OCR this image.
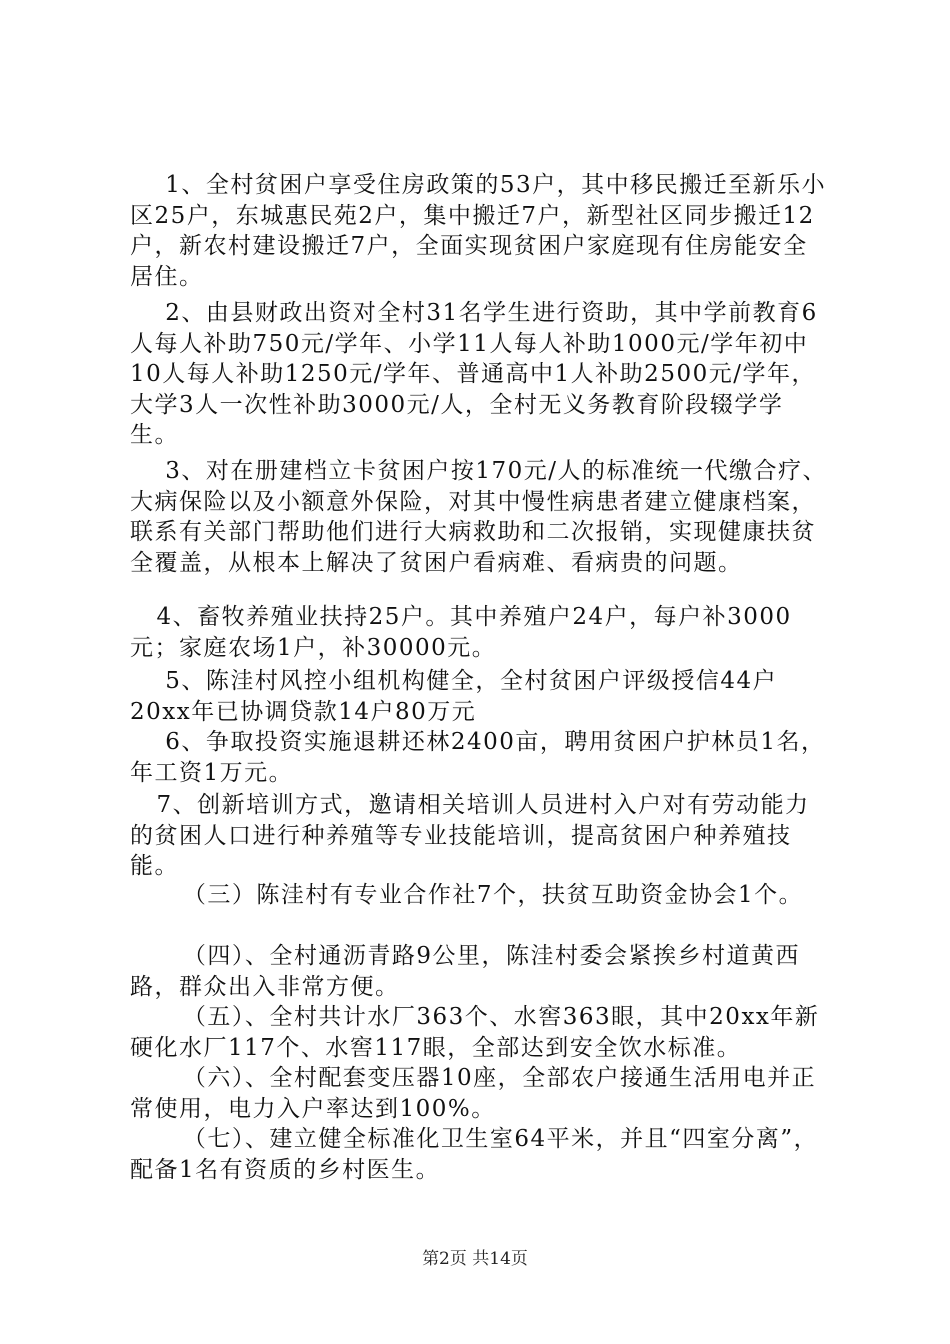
1、全村贫困户享受住房政策的53户，其中移民搬迁至新乐小区25户，东城惠民苑2户，集中搬迁7户，新型社区同步搬迁12户，新农村建设搬迁7户，全面实现贫困户家庭现有住房能安全居住。

2、由县财政出资对全村31名学生进行资助，其中学前教育6人每人补助750元/学年、小学11人每人补助1000元/学年初中10人每人补助1250元/学年、普通高中1人补助2500元/学年，大学3人一次性补助3000元/人，全村无义务教育阶段辍学学生。

3、对在册建档立卡贫困户按170元/人的标准统一代缴合疗、大病保险以及小额意外保险，对其中慢性病患者建立健康档案，联系有关部门帮助他们进行大病救助和二次报销，实现健康扶贫全覆盖，从根本上解决了贫困户看病难、看病贵的问题。

4、畜牧养殖业扶持25户。其中养殖户24户，每户补3000元；家庭农场1户，补30000元。

5、陈洼村风控小组机构健全，全村贫困户评级授信44户20xx年已协调贷款14户80万元

6、争取投资实施退耕还林2400亩，聘用贫困户护林员1名，年工资1万元。

7、创新培训方式，邀请相关培训人员进村入户对有劳动能力的贫困人口进行种养殖等专业技能培训，提高贫困户种养殖技能。

（三）陈洼村有专业合作社7个，扶贫互助资金协会1个。

（四）、全村通沥青路9公里，陈洼村委会紧挨乡村道黄西路，群众出入非常方便。

（五）、全村共计水厂363个、水窖363眼，其中20xx年新硬化水厂117个、水窖117眼，全部达到安全饮水标准。

（六）、全村配套变压器10座，全部农户接通生活用电并正常使用，电力入户率达到100%。

（七）、建立健全标准化卫生室64平米，并且“四室分离”，配备1名有资质的乡村医生。

第2页 共14页
